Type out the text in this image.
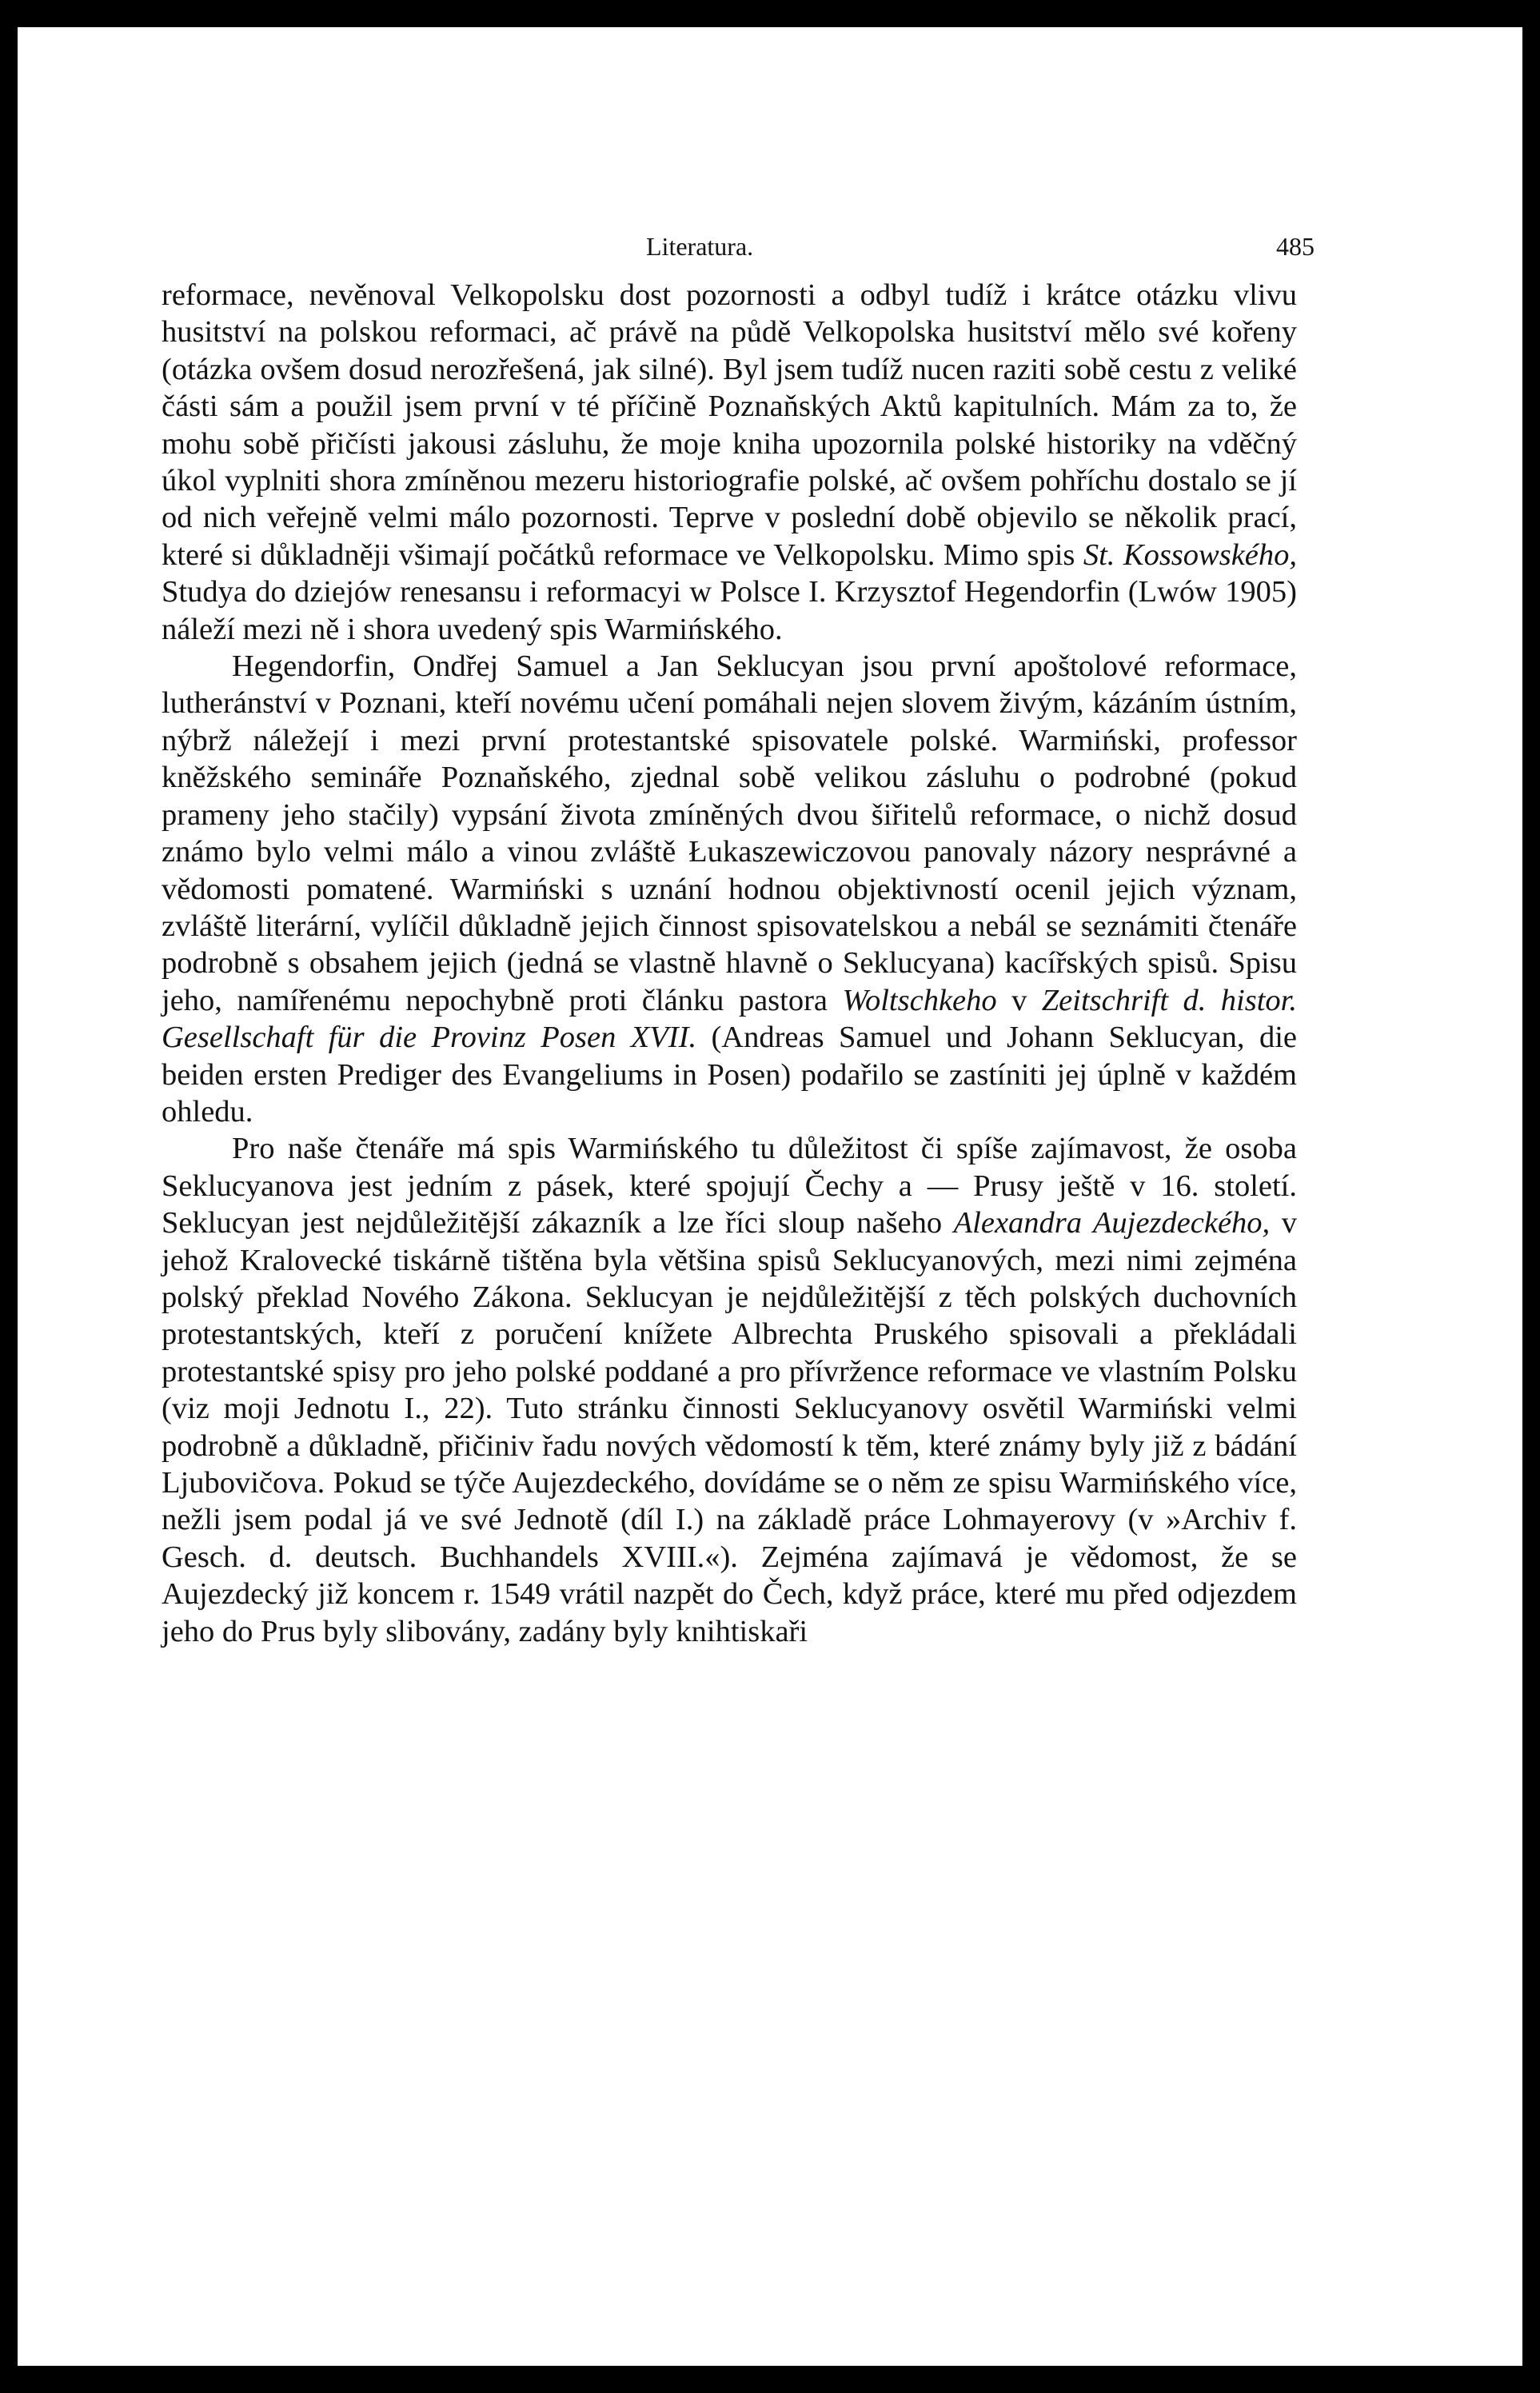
Literatura.	485

reformace, nevěnoval Velkopolsku dost pozornosti a odbyl tudíž i krátce otázku vlivu husitství na polskou reformaci, ač právě na půdě Velkopolska husitství mělo své kořeny (otázka ovšem dosud nerozřešená, jak silné). Byl jsem tudíž nucen raziti sobě cestu z veliké části sám a použil jsem první v té příčině Poznaňských Aktů kapitulních. Mám za to, že mohu sobě přičísti jakousi zásluhu, že moje kniha upozornila polské historiky na vděčný úkol vyplniti shora zmíněnou mezeru historiografie polské, ač ovšem pohříchu dostalo se jí od nich veřejně velmi málo pozornosti. Teprve v poslední době objevilo se několik prací, které si důkladněji všimají počátků reformace ve Velkopolsku. Mimo spis St. Kossowského, Studya do dziejów renesansu i reformacyi w Polsce I. Krzysztof Hegendorfin (Lwów 1905) náleží mezi ně i shora uvedený spis Warmińského.

Hegendorfin, Ondřej Samuel a Jan Seklucyan jsou první apoštolové reformace, lutheránství v Poznani, kteří novému učení pomáhali nejen slovem živým, kázáním ústním, nýbrž náležejí i mezi první protestantské spisovatele polské. Warmiński, professor kněžského semináře Poznaňského, zjednal sobě velikou zásluhu o podrobné (pokud prameny jeho stačily) vypsání života zmíněných dvou šiřitelů reformace, o nichž dosud známo bylo velmi málo a vinou zvláště Łukaszewiczovou panovaly názory nesprávné a vědomosti pomatené. Warmiński s uznání hodnou objektivností ocenil jejich význam, zvláště literární, vylíčil důkladně jejich činnost spisovatelskou a nebál se seznámiti čtenáře podrobně s obsahem jejich (jedná se vlastně hlavně o Seklucyana) kacířských spisů. Spisu jeho, namířenému nepochybně proti článku pastora Woltschkeho v Zeitschrift d. histor. Gesellschaft für die Provinz Posen XVII. (Andreas Samuel und Johann Seklucyan, die beiden ersten Prediger des Evangeliums in Posen) podařilo se zastíniti jej úplně v každém ohledu.

Pro naše čtenáře má spis Warmińského tu důležitost či spíše zajímavost, že osoba Seklucyanova jest jedním z pásek, které spojují Čechy a — Prusy ještě v 16. století. Seklucyan jest nejdůležitější zákazník a lze říci sloup našeho Alexandra Aujezdeckého, v jehož Kralovecké tiskárně tištěna byla většina spisů Seklucyanových, mezi nimi zejména polský překlad Nového Zákona. Seklucyan je nejdůležitější z těch polských duchovních protestantských, kteří z poručení knížete Albrechta Pruského spisovali a překládali protestantské spisy pro jeho polské poddané a pro přívržence reformace ve vlastním Polsku (viz moji Jednotu I., 22). Tuto stránku činnosti Seklucyanovy osvětil Warmiński velmi podrobně a důkladně, přičiniv řadu nových vědomostí k těm, které známy byly již z bádání Ljubovičova. Pokud se týče Aujezdeckého, dovídáme se o něm ze spisu Warmińského více, nežli jsem podal já ve své Jednotě (díl I.) na základě práce Lohmayerovy (v »Archiv f. Gesch. d. deutsch. Buchhandels XVIII.«). Zejména zajímavá je vědomost, že se Aujezdecký již koncem r. 1549 vrátil nazpět do Čech, když práce, které mu před odjezdem jeho do Prus byly slibovány, zadány byly knihtiskaři
